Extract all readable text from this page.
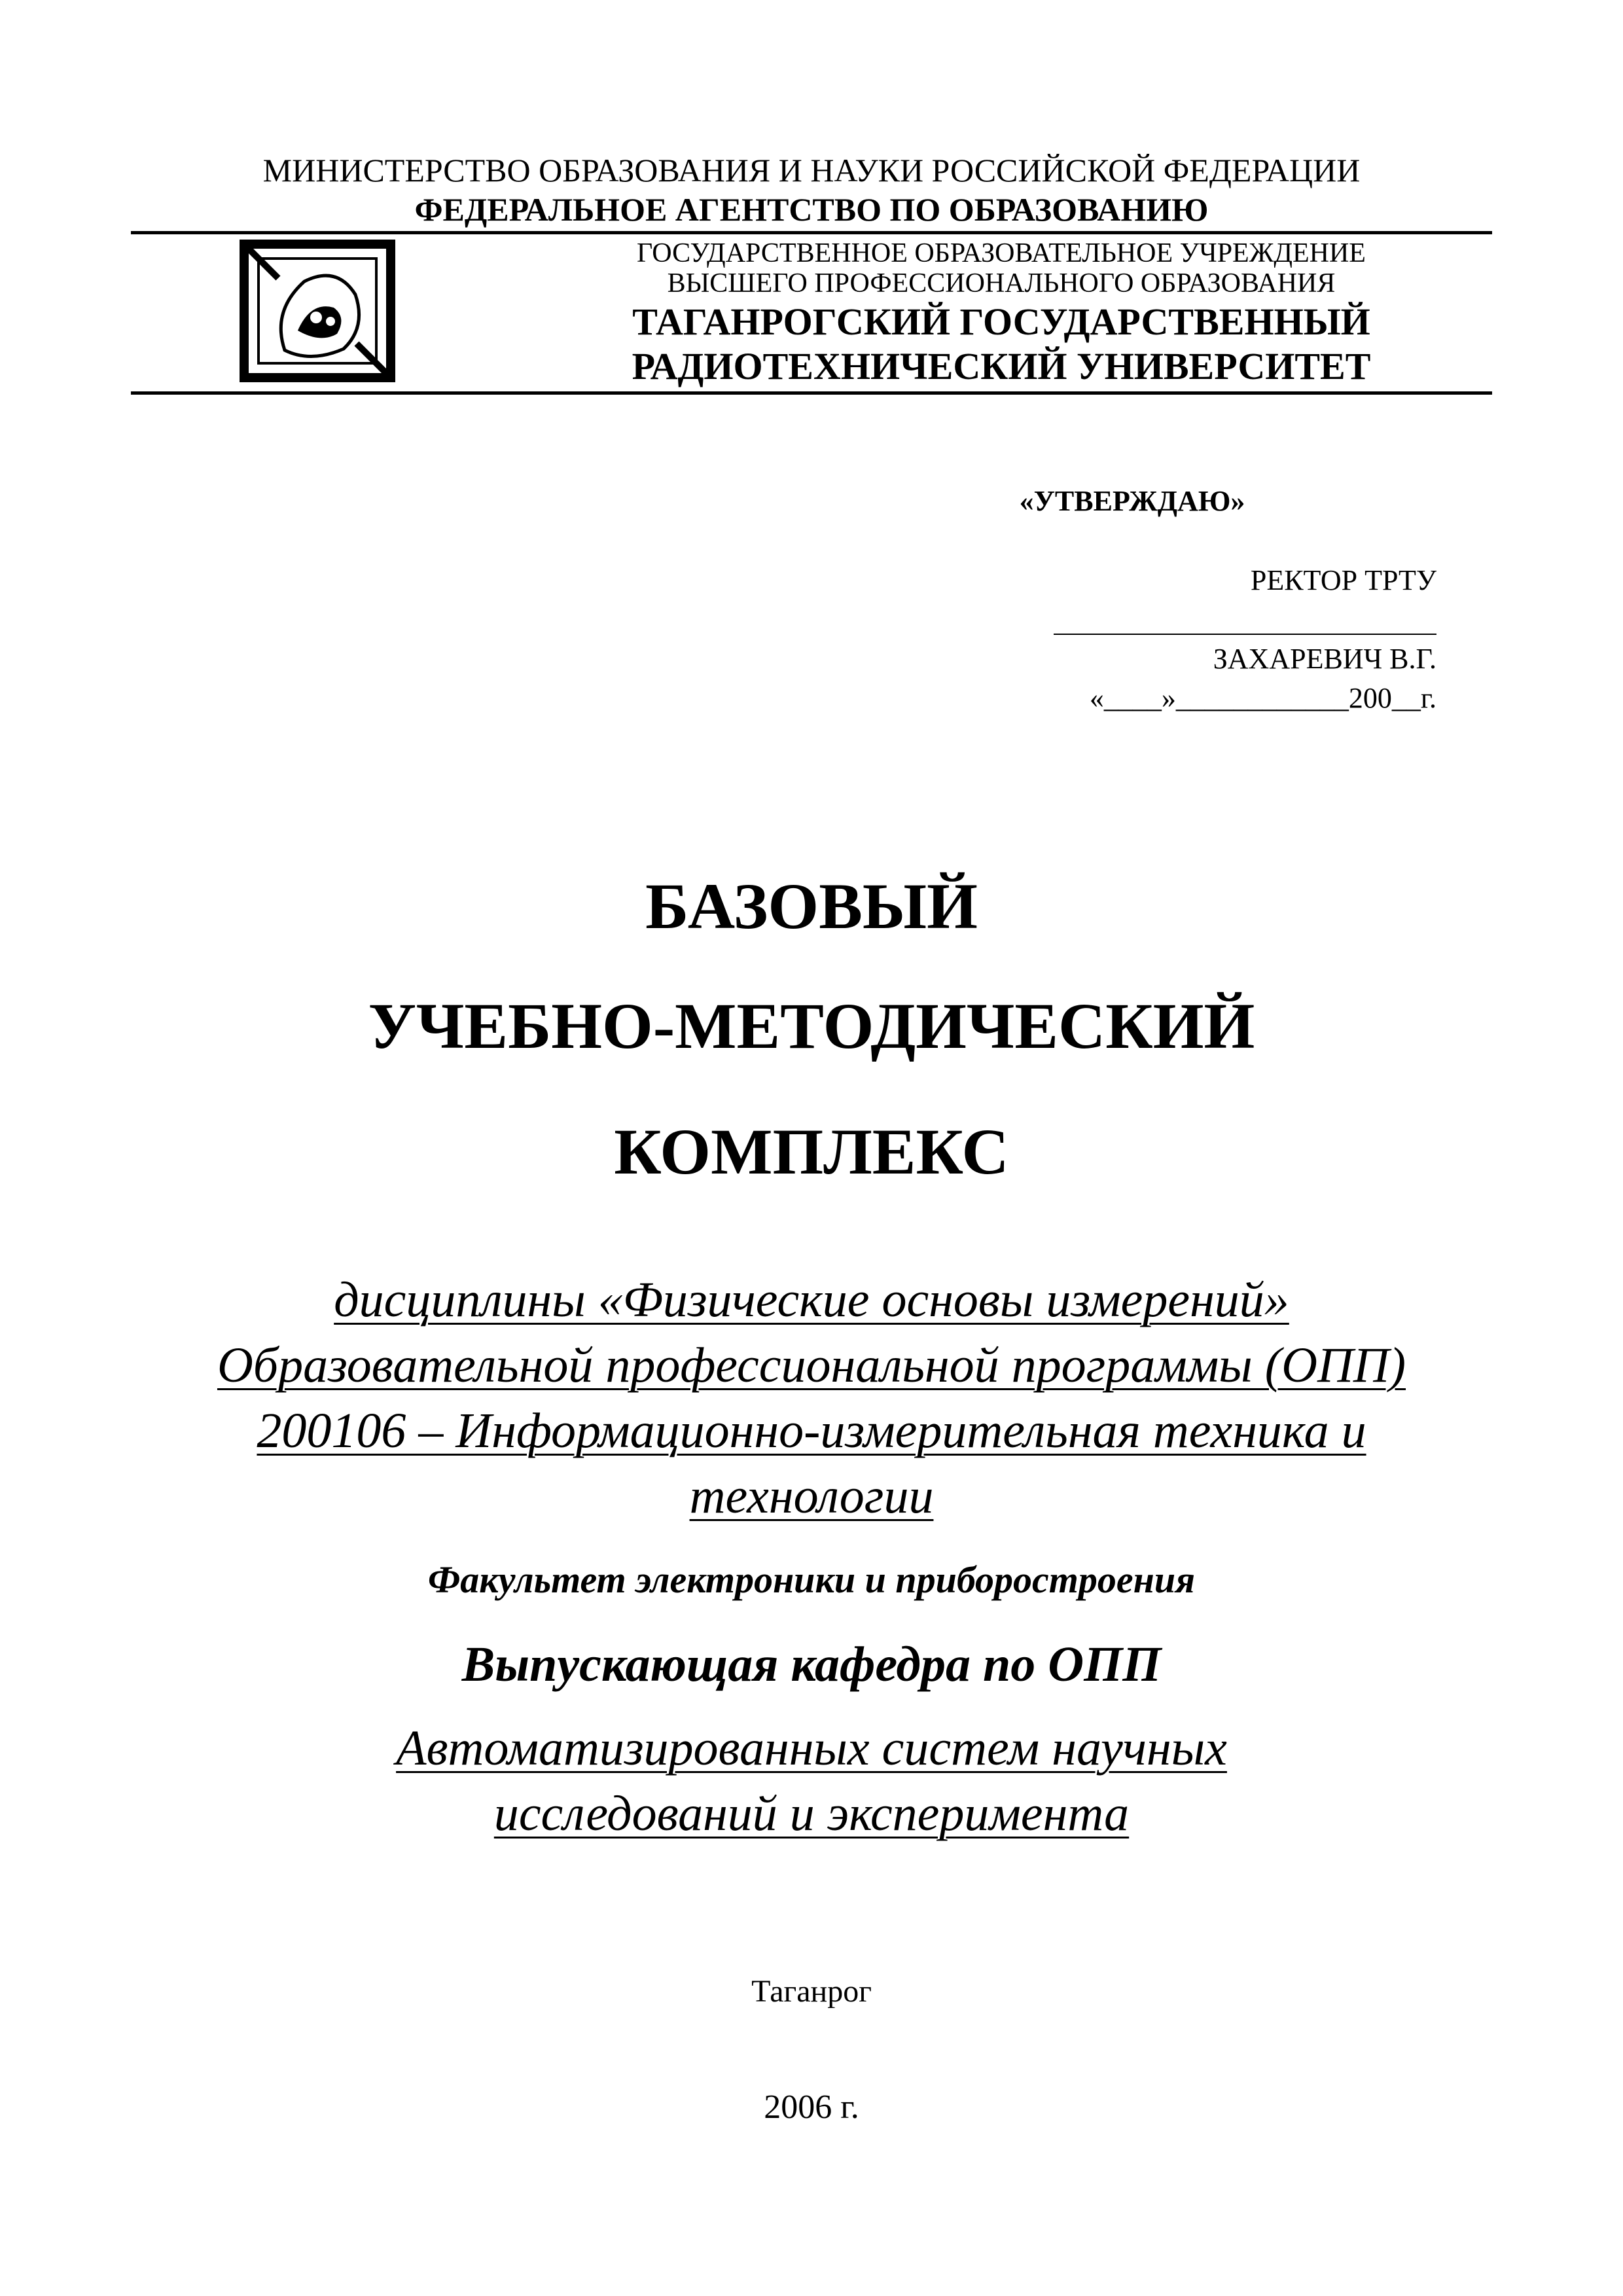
МИНИСТЕРСТВО ОБРАЗОВАНИЯ И НАУКИ РОССИЙСКОЙ ФЕДЕРАЦИИ
ФЕДЕРАЛЬНОЕ АГЕНТСТВО ПО ОБРАЗОВАНИЮ
ГОСУДАРСТВЕННОЕ ОБРАЗОВАТЕЛЬНОЕ УЧРЕЖДЕНИЕ
ВЫСШЕГО ПРОФЕССИОНАЛЬНОГО ОБРАЗОВАНИЯ
ТАГАНРОГСКИЙ ГОСУДАРСТВЕННЫЙ
РАДИОТЕХНИЧЕСКИЙ УНИВЕРСИТЕТ
«УТВЕРЖДАЮ»
РЕКТОР ТРТУ
ЗАХАРЕВИЧ В.Г.
«____»____________200__г.
БАЗОВЫЙ
УЧЕБНО-МЕТОДИЧЕСКИЙ
КОМПЛЕКС
дисциплины «Физические основы измерений»
Образовательной профессиональной программы (ОПП)
200106 – Информационно-измерительная техника и
технологии
Факультет электроники и приборостроения
Выпускающая кафедра по ОПП
Автоматизированных систем научных
исследований и эксперимента
Таганрог
2006 г.
